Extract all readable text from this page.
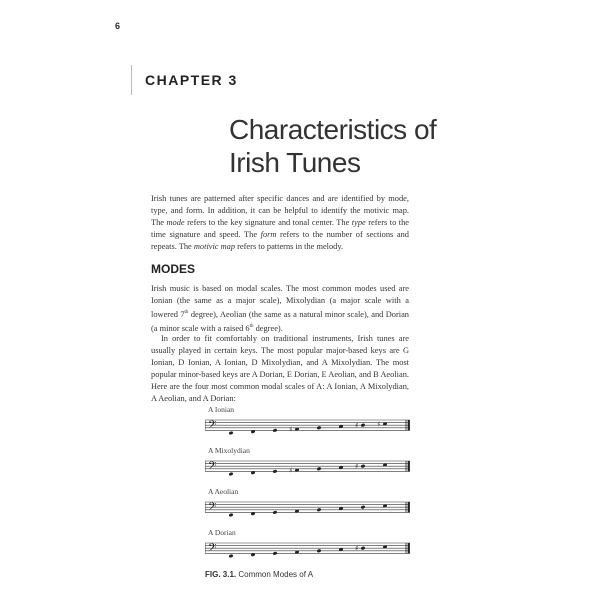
6
CHAPTER 3
Characteristics of
Irish Tunes

Irish tunes are patterned after specific dances and are identified by mode, type, and form. In addition, it can be helpful to identify the motivic map. The mode refers to the key signature and tonal center. The type refers to the time signature and speed. The form refers to the number of sections and repeats. The motivic map refers to patterns in the melody.

MODES

Irish music is based on modal scales. The most common modes used are Ionian (the same as a major scale), Mixolydian (a major scale with a lowered 7th degree), Aeolian (the same as a natural minor scale), and Dorian (a minor scale with a raised 6th degree).

In order to fit comfortably on traditional instruments, Irish tunes are usually played in certain keys. The most popular major-based keys are G Ionian, D Ionian, A Ionian, D Mixolydian, and A Mixolydian. The most popular minor-based keys are A Dorian, E Dorian, E Aeolian, and B Aeolian. Here are the four most common modal scales of A: A Ionian, A Mixolydian, A Aeolian, and A Dorian:

A Ionian
𝄢	♯	♯	♯
A Mixolydian
𝄢	♯	♯
A Aeolian
𝄢
A Dorian
𝄢	♯
FIG. 3.1. Common Modes of A
